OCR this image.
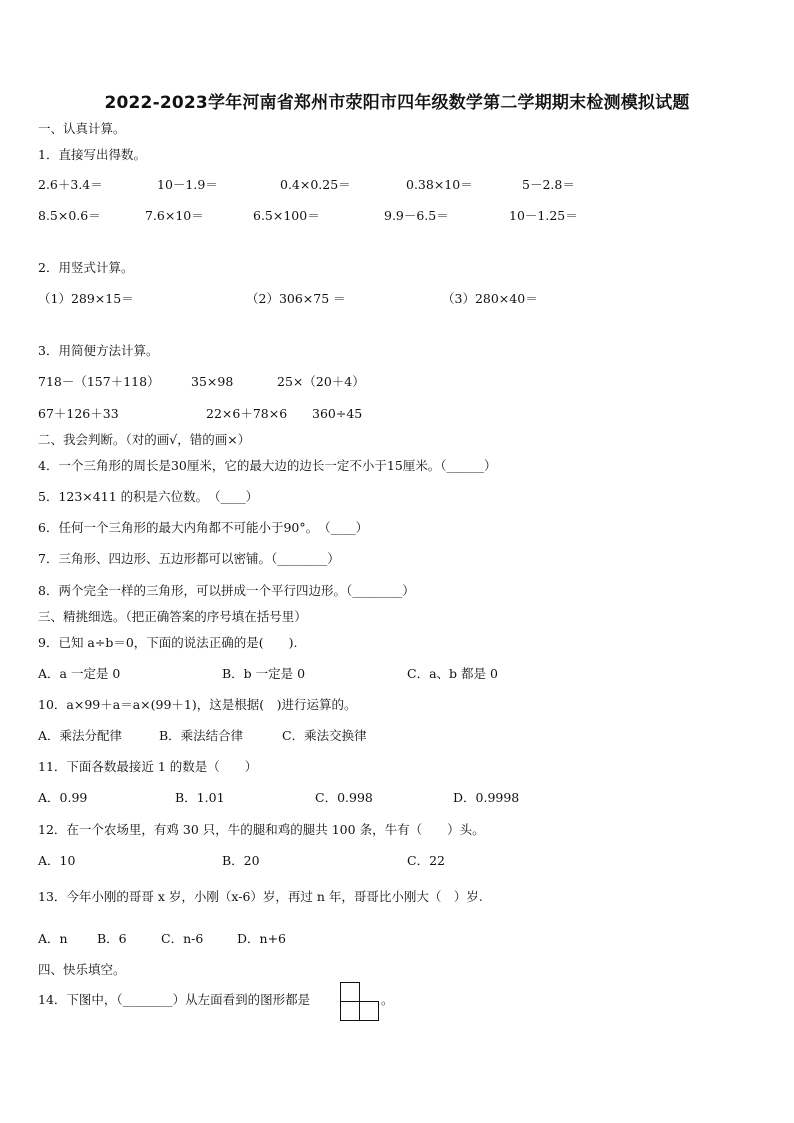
2022-2023学年河南省郑州市荥阳市四年级数学第二学期期末检测模拟试题
一、认真计算。
1．直接写出得数。
2.6＋3.4＝	10－1.9＝	0.4×0.25＝	0.38×10＝	5－2.8＝
8.5×0.6＝	7.6×10＝	6.5×100＝	9.9－6.5＝	10－1.25＝
2．用竖式计算。
（1）289×15＝	（2）306×75 ＝	（3）280×40＝
3．用简便方法计算。
718－（157＋118）	35×98	25×（20＋4）
67＋126＋33	22×6＋78×6 360÷45
二、我会判断。（对的画√，错的画×）
4．一个三角形的周长是30厘米，它的最大边的边长一定不小于15厘米。（______）
5．123×411 的积是六位数。　（____）
6．任何一个三角形的最大内角都不可能小于90°。　（____）
7．三角形、四边形、五边形都可以密铺。（________）
8．两个完全一样的三角形，可以拼成一个平行四边形。（________）
三、精挑细选。（把正确答案的序号填在括号里）
9．已知 a÷b＝0，下面的说法正确的是(　　).
A．a 一定是 0	B．b 一定是 0	C．a、b 都是 0
10．a×99＋a＝a×(99＋1)，这是根据(　)进行运算的。
A．乘法分配律	B．乘法结合律	C．乘法交换律
11．下面各数最接近 1 的数是（　　）
A．0.99	B．1.01	C．0.998	D．0.9998
12．在一个农场里，有鸡 30 只，牛的腿和鸡的腿共 100 条，牛有（　　）头。
A．10	B．20	C．22
13．今年小刚的哥哥 x 岁，小刚（x-6）岁，再过 n 年，哥哥比小刚大（　）岁.
A．n B．6	C．n-6	D．n+6
四、快乐填空。
14．下图中，（________）从左面看到的图形都是	。
